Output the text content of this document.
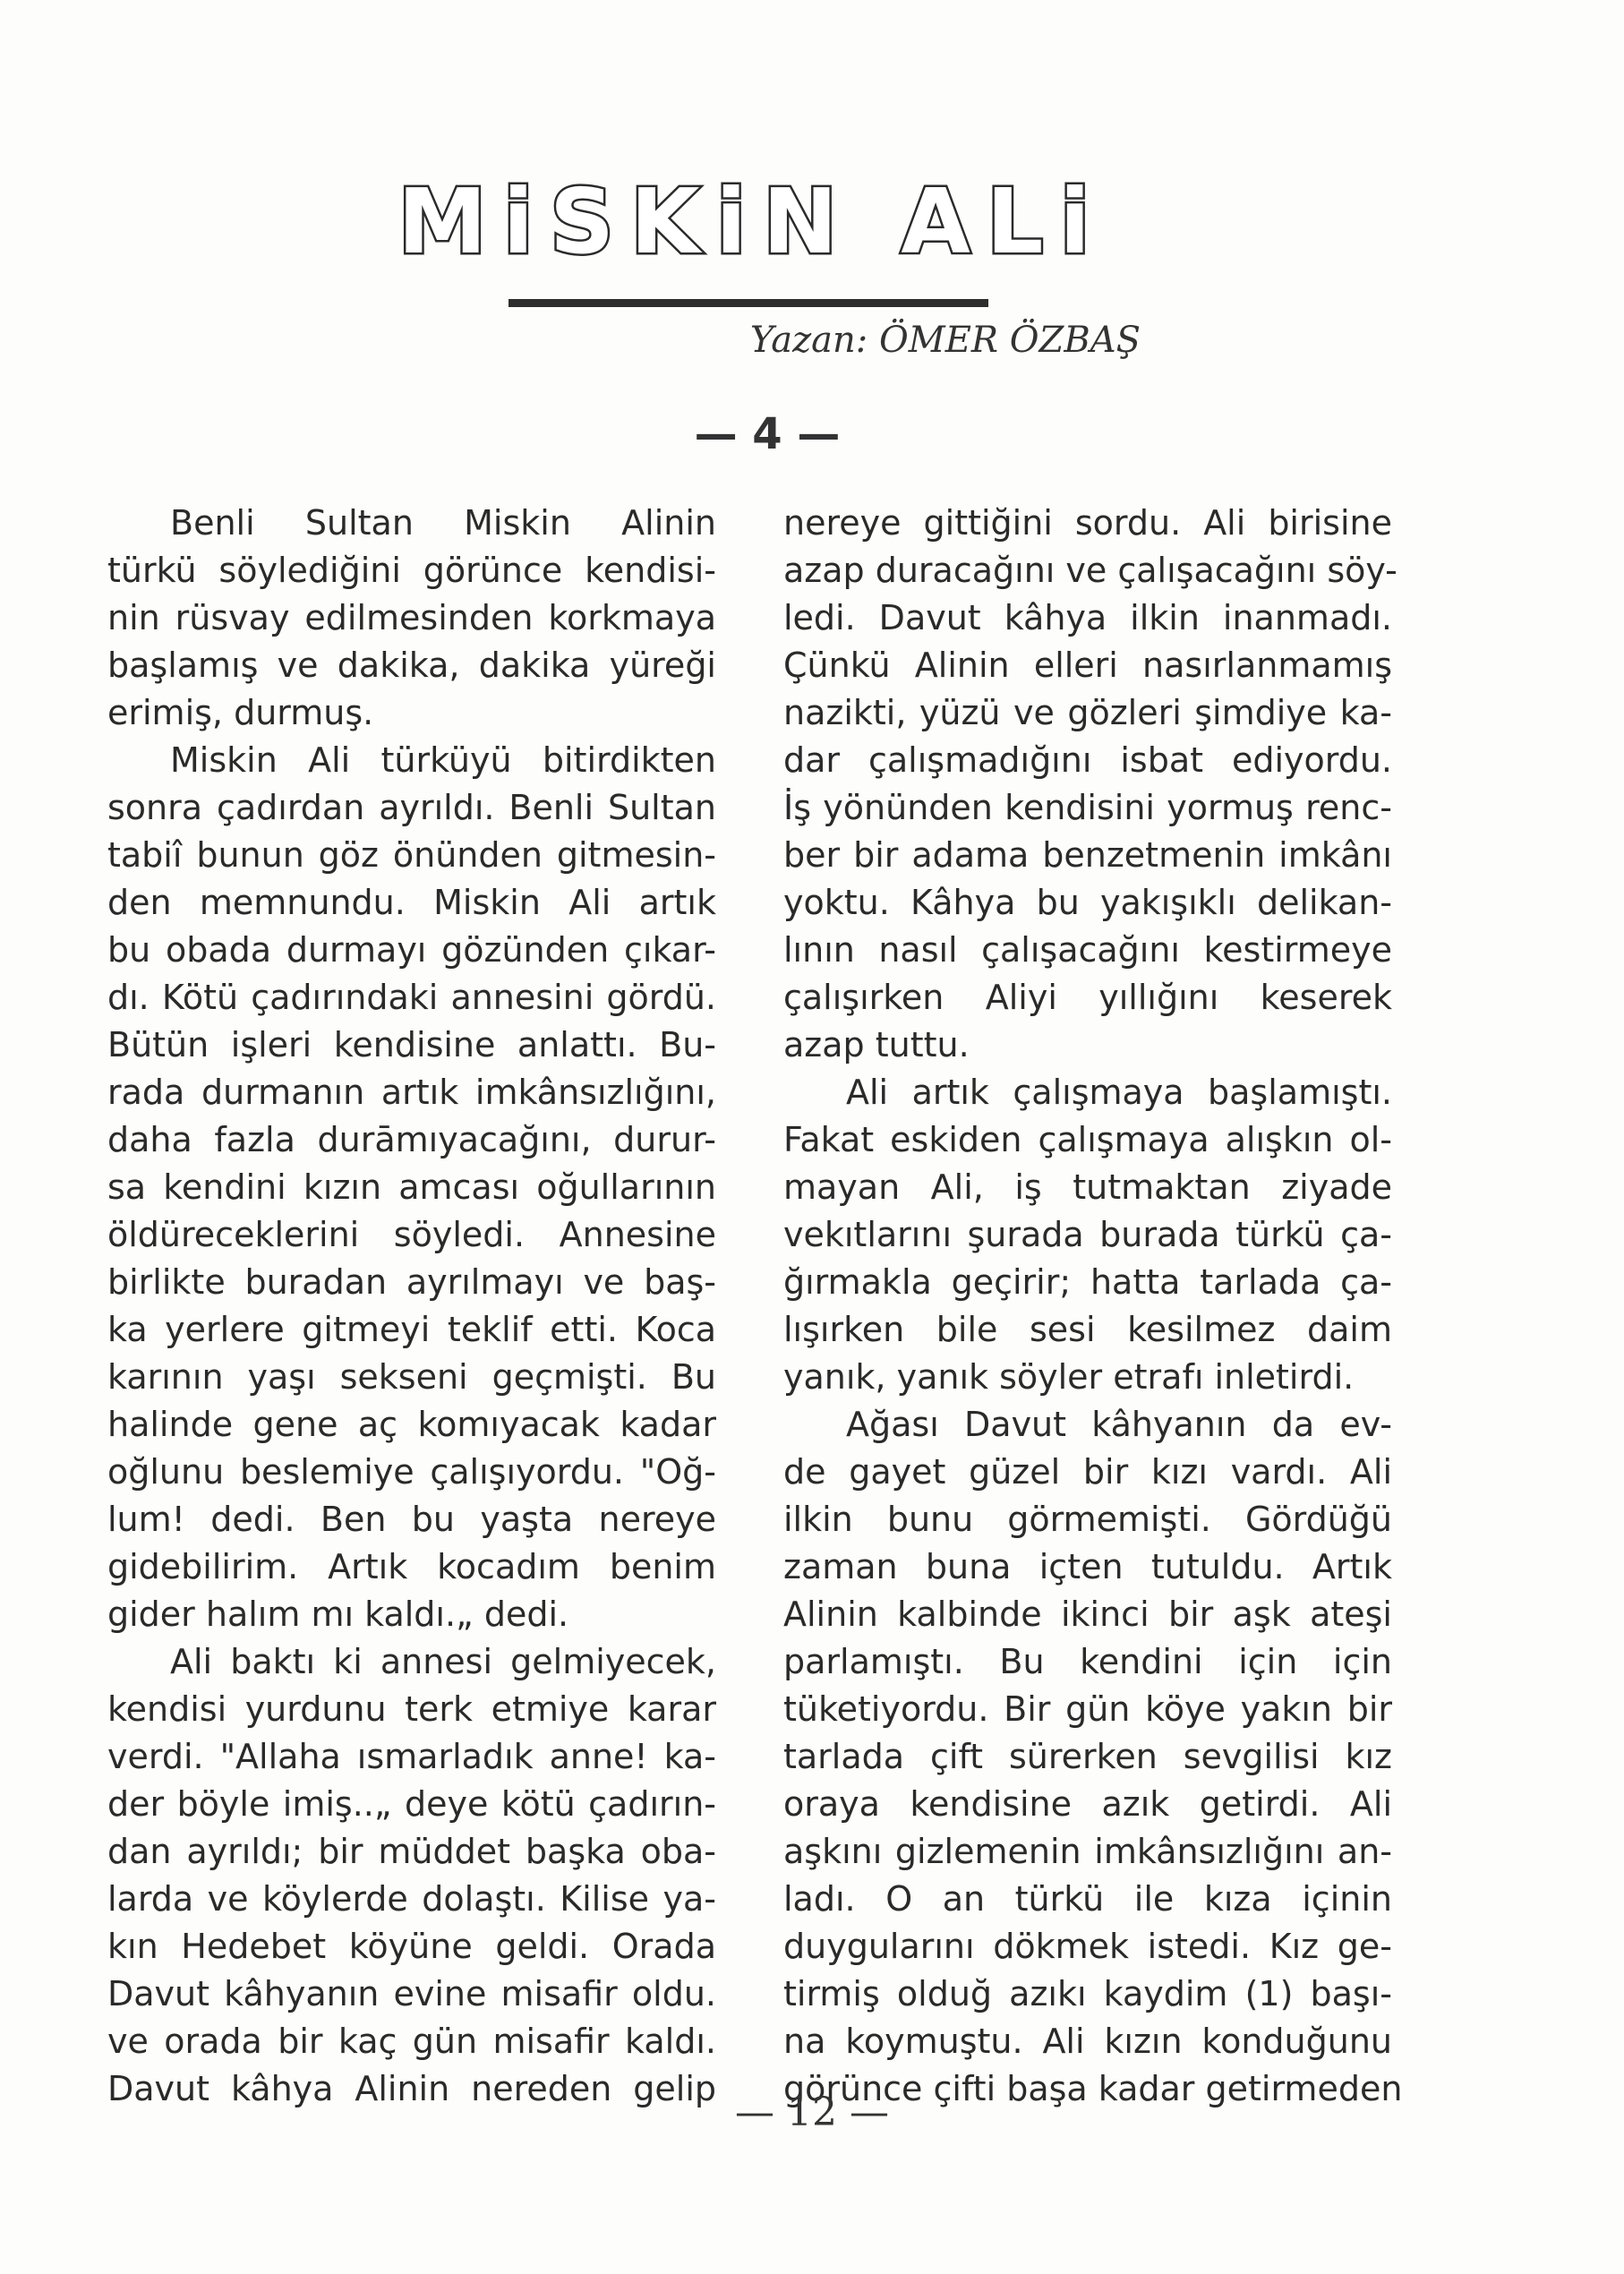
MiSKiN ALi
Yazan: ÖMER ÖZBAŞ
— 4 —
Benli Sultan Miskin Alinin
türkü söylediğini görünce kendisi-
nin rüsvay edilmesinden korkmaya
başlamış ve dakika, dakika yüreği
erimiş, durmuş.
Miskin Ali türküyü bitirdikten
sonra çadırdan ayrıldı. Benli Sultan
tabiî bunun göz önünden gitmesin-
den memnundu. Miskin Ali artık
bu obada durmayı gözünden çıkar-
dı. Kötü çadırındaki annesini gördü.
Bütün işleri kendisine anlattı. Bu-
rada durmanın artık imkânsızlığını,
daha fazla durāmıyacağını, durur-
sa kendini kızın amcası oğullarının
öldüreceklerini söyledi. Annesine
birlikte buradan ayrılmayı ve baş-
ka yerlere gitmeyi teklif etti. Koca
karının yaşı sekseni geçmişti. Bu
halinde gene aç komıyacak kadar
oğlunu beslemiye çalışıyordu. "Oğ-
lum! dedi. Ben bu yaşta nereye
gidebilirim. Artık kocadım benim
gider halım mı kaldı.„ dedi.
Ali baktı ki annesi gelmiyecek,
kendisi yurdunu terk etmiye karar
verdi. "Allaha ısmarladık anne! ka-
der böyle imiş..„ deye kötü çadırın-
dan ayrıldı; bir müddet başka oba-
larda ve köylerde dolaştı. Kilise ya-
kın Hedebet köyüne geldi. Orada
Davut kâhyanın evine misafir oldu.
ve orada bir kaç gün misafir kaldı.
Davut kâhya Alinin nereden gelip
nereye gittiğini sordu. Ali birisine
azap duracağını ve çalışacağını söy-
ledi. Davut kâhya ilkin inanmadı.
Çünkü Alinin elleri nasırlanmamış
nazikti, yüzü ve gözleri şimdiye ka-
dar çalışmadığını isbat ediyordu.
İş yönünden kendisini yormuş renc-
ber bir adama benzetmenin imkânı
yoktu. Kâhya bu yakışıklı delikan-
lının nasıl çalışacağını kestirmeye
çalışırken Aliyi yıllığını keserek
azap tuttu.
Ali artık çalışmaya başlamıştı.
Fakat eskiden çalışmaya alışkın ol-
mayan Ali, iş tutmaktan ziyade
vekıtlarını şurada burada türkü ça-
ğırmakla geçirir; hatta tarlada ça-
lışırken bile sesi kesilmez daim
yanık, yanık söyler etrafı inletirdi.
Ağası Davut kâhyanın da ev-
de gayet güzel bir kızı vardı. Ali
ilkin bunu görmemişti. Gördüğü
zaman buna içten tutuldu. Artık
Alinin kalbinde ikinci bir aşk ateşi
parlamıştı. Bu kendini için için
tüketiyordu. Bir gün köye yakın bir
tarlada çift sürerken sevgilisi kız
oraya kendisine azık getirdi. Ali
aşkını gizlemenin imkânsızlığını an-
ladı. O an türkü ile kıza içinin
duygularını dökmek istedi. Kız ge-
tirmiş olduğ azıkı kaydim (1) başı-
na koymuştu. Ali kızın konduğunu
görünce çifti başa kadar getirmeden
— 12 —
